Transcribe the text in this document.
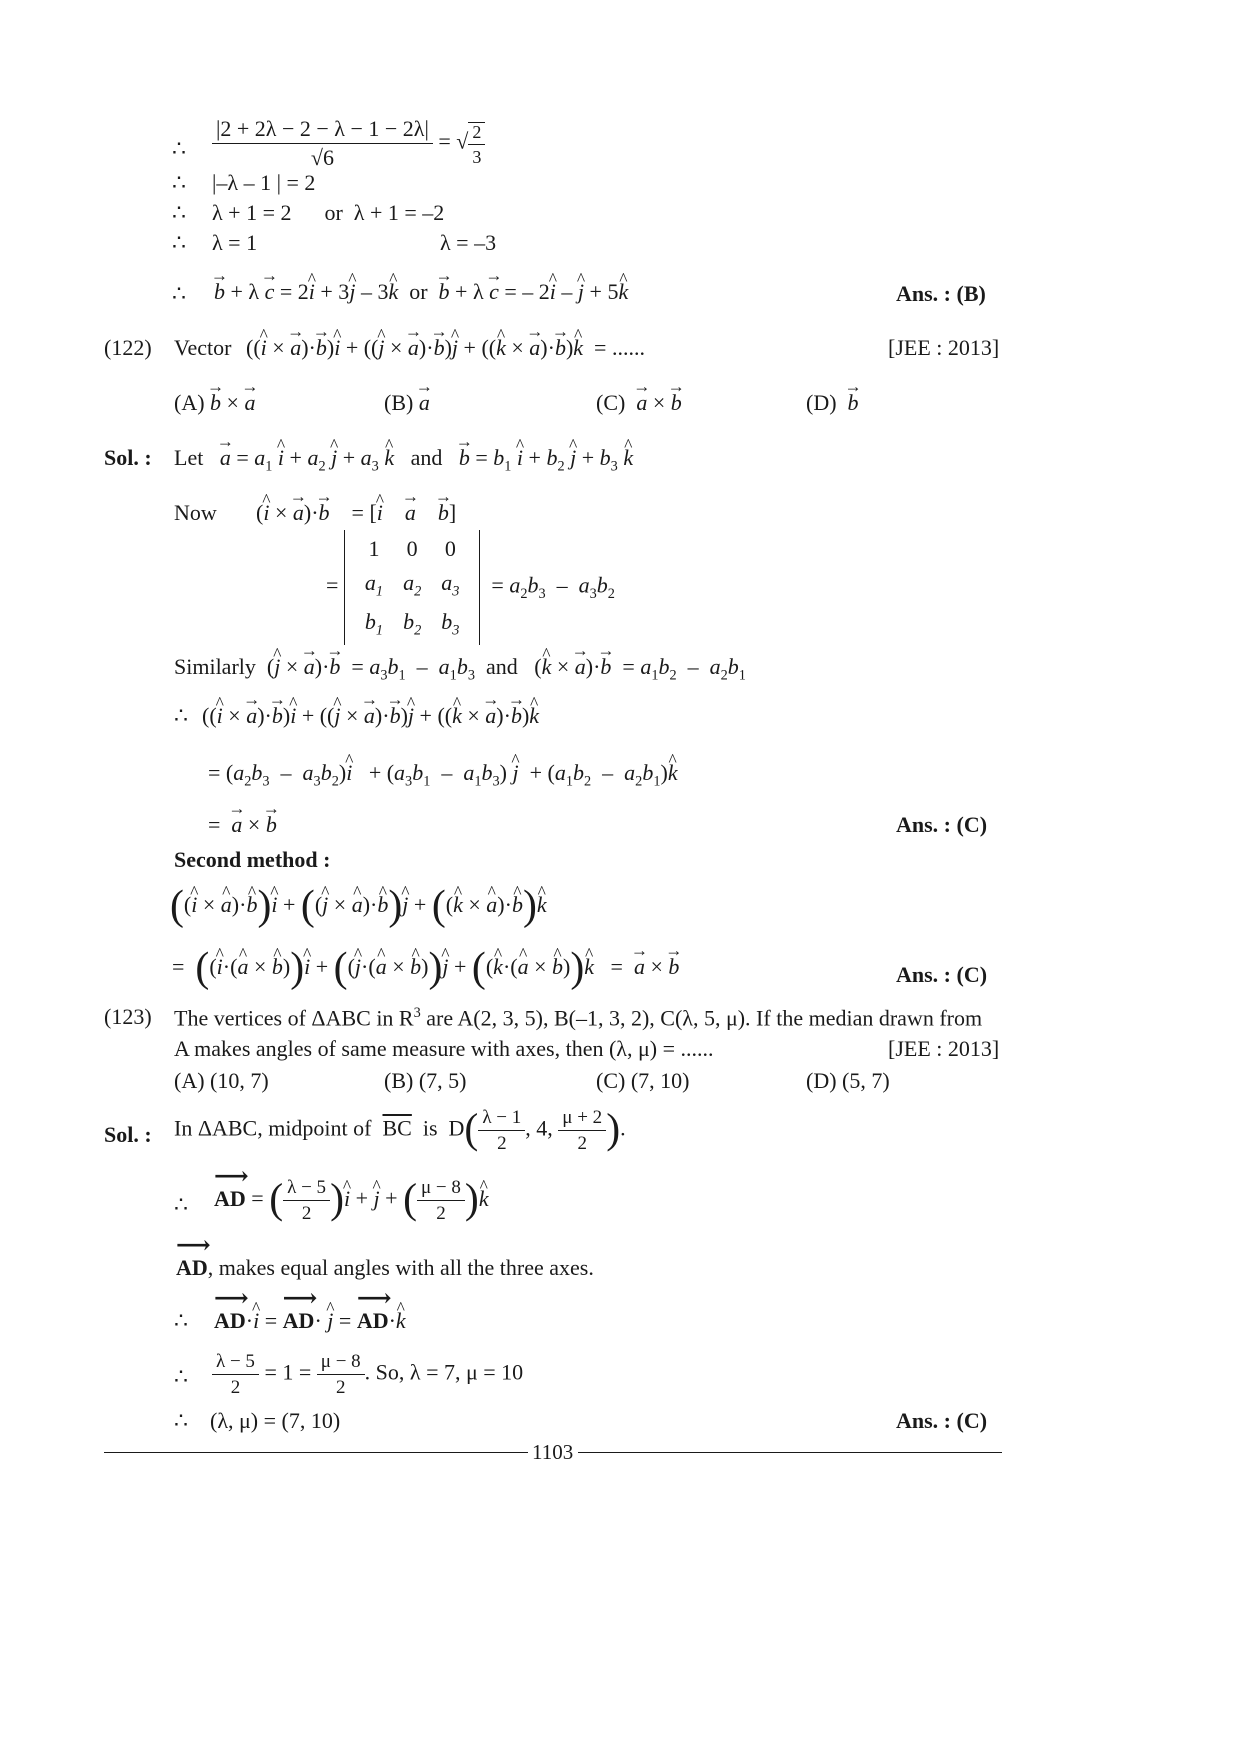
∴ $\frac{|2 + 2\lambda - 2 - \lambda - 1 - 2\lambda|}{√6}$ = √ $\frac{2}{3}$
∴ |–λ – 1 | = 2
∴ λ + 1 = 2      or  λ + 1 = –2
∴ λ = 1	λ = –3
∴ → b + λ → c = 2^ i + 3^ j – 3^ k  or  → b + λ → c = – 2^ i – ^ j + 5^ k	Ans. : (B)
(122) Vector ((^ i × → a)·→ b)^ i + ((^ j × → a)·→ b)^ j + ((^ k × → a)·→ b)^ k  = ......	[JEE : 2013]
(A) → b × → a	(B) → a	(C) → a × → b	(D) → b
Sol. : Let → $a = a_1$ ^ $i + a_2$ ^ $j + a_3$ ^ k and → $b = b_1$ ^ $i + b_2$ ^ $j + b_3$ ^ k
Now (^ i × → a)·→ b    = [^ i → a → b]
=
1	0	0
$a_1$	$a_2$	$a_3$
$b_1$	$b_2$	$b_3$
= $a_2b_3 - a_3b_2$
Similarly  (^ j × → $a)\cdot\to b = a_3b_1 - a_1b_3$ and   (^ k × → $a)\cdot\to b = a_1b_2 - a_2b_1$
∴ ((^ i × → a)·→ b)^ i + ((^ j × → a)·→ b)^ j + ((^ k × → a)·→ b)^ k
= ($a_2b_3$  –  $a_3b_2)\^{}$ $i + (a_3b_1 - a_1b_3)$ ^ $j + (a_1b_2$  –  $a_2b_1)\^{}$ k
=  → a × → b	Ans. : (C)
Second method :
((^ i × ^ a)·^ b)^ i + ((^ j × ^ a)·^ b)^ j + ((^ k × ^ a)·^ b)^ k
=  ((^ i·(^ a × ^ b))^ i + ((^ j·(^ a × ^ b))^ j + ((^ k·(^ a × ^ b))^ k   =  → a × → b	Ans. : (C)
(123) The vertices of ΔABC in $R^3$ are A(2, 3, 5), B(–1, 3, 2), C(λ, 5, μ). If the median drawn from
A makes angles of same measure with axes, then (λ, μ) = ......	[JEE : 2013]
(A) (10, 7)	(B) (7, 5)	(C) (7, 10)	(D) (5, 7)
Sol. : In ΔABC, midpoint of $\overline{BC}$ is  $D( \frac{\lambda - 1}{2}$ , 4, $\frac{\mu + 2}{2}$ ).
∴ ⟶ AD = ( $\frac{\lambda - 5}{2}$ )^ i + ^ j + ( $\frac{\mu - 8}{2}$ )^ k
⟶ AD, makes equal angles with all the three axes.
∴ ⟶ AD·^ i = ⟶ AD· ^ j = ⟶ AD·^ k
∴ $\frac{\lambda - 5}{2} = 1 = \frac{\mu - 8}{2}$ . So, λ = 7, μ = 10
∴ (λ, μ) = (7, 10)	Ans. : (C)
1103
